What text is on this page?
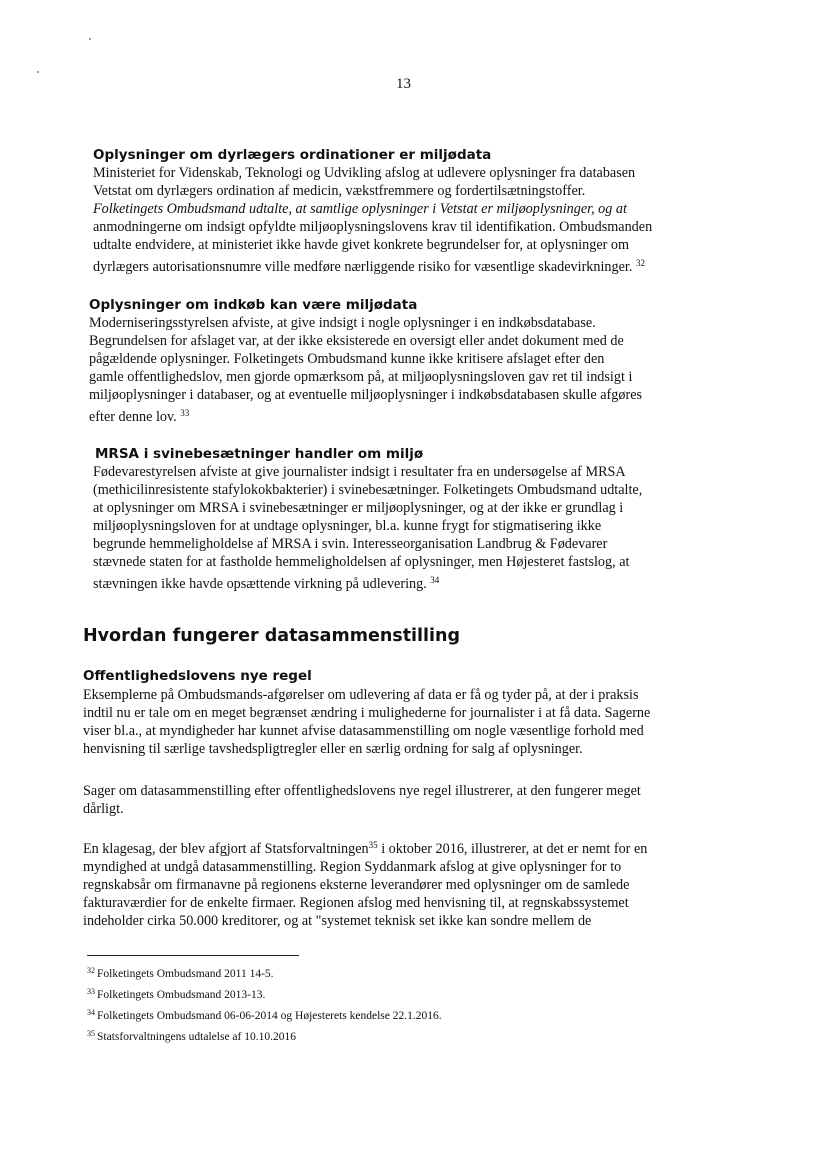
13
Oplysninger om dyrlægers ordinationer er miljødata

Ministeriet for Videnskab, Teknologi og Udvikling afslog at udlevere oplysninger fra databasen
Vetstat om dyrlægers ordination af medicin, vækstfremmere og fordertilsætningstoffer.
Folketingets Ombudsmand udtalte, at samtlige oplysninger i Vetstat er miljøoplysninger, og at
anmodningerne om indsigt opfyldte miljøoplysningslovens krav til identifikation. Ombudsmanden
udtalte endvidere, at ministeriet ikke havde givet konkrete begrundelser for, at oplysninger om
dyrlægers autorisationsnumre ville medføre nærliggende risiko for væsentlige skadevirkninger. $^{32}$

Oplysninger om indkøb kan være miljødata

Moderniseringsstyrelsen afviste, at give indsigt i nogle oplysninger i en indkøbsdatabase.
Begrundelsen for afslaget var, at der ikke eksisterede en oversigt eller andet dokument med de
pågældende oplysninger. Folketingets Ombudsmand kunne ikke kritisere afslaget efter den
gamle offentlighedslov, men gjorde opmærksom på, at miljøoplysningsloven gav ret til indsigt i
miljøoplysninger i databaser, og at eventuelle miljøoplysninger i indkøbsdatabasen skulle afgøres
efter denne lov. $^{33}$

MRSA i svinebesætninger handler om miljø

Fødevarestyrelsen afviste at give journalister indsigt i resultater fra en undersøgelse af MRSA
(methicilinresistente stafylokokbakterier) i svinebesætninger. Folketingets Ombudsmand udtalte,
at oplysninger om MRSA i svinebesætninger er miljøoplysninger, og at der ikke er grundlag i
miljøoplysningsloven for at undtage oplysninger, bl.a. kunne frygt for stigmatisering ikke
begrunde hemmeligholdelse af MRSA i svin. Interesseorganisation Landbrug & Fødevarer
stævnede staten for at fastholde hemmeligholdelsen af oplysninger, men Højesteret fastslog, at
stævningen ikke havde opsættende virkning på udlevering. $^{34}$

Hvordan fungerer datasammenstilling
Offentlighedslovens nye regel

Eksemplerne på Ombudsmands-afgørelser om udlevering af data er få og tyder på, at der i praksis
indtil nu er tale om en meget begrænset ændring i mulighederne for journalister i at få data. Sagerne
viser bl.a., at myndigheder har kunnet afvise datasammenstilling om nogle væsentlige forhold med
henvisning til særlige tavshedspligtregler eller en særlig ordning for salg af oplysninger.

Sager om datasammenstilling efter offentlighedslovens nye regel illustrerer, at den fungerer meget
dårligt.

En klagesag, der blev afgjort af Statsforvaltningen$^{35}$ i oktober 2016, illustrerer, at det er nemt for en
myndighed at undgå datasammenstilling. Region Syddanmark afslog at give oplysninger for to
regnskabsår om firmanavne på regionens eksterne leverandører med oplysninger om de samlede
fakturaværdier for de enkelte firmaer. Regionen afslog med henvisning til, at regnskabssystemet
indeholder cirka 50.000 kreditorer, og at "systemet teknisk set ikke kan sondre mellem de

$^{32}$ Folketingets Ombudsmand 2011 14-5.
$^{33}$ Folketingets Ombudsmand 2013-13.
$^{34}$ Folketingets Ombudsmand 06-06-2014 og Højesterets kendelse 22.1.2016.
$^{35}$ Statsforvaltningens udtalelse af 10.10.2016
